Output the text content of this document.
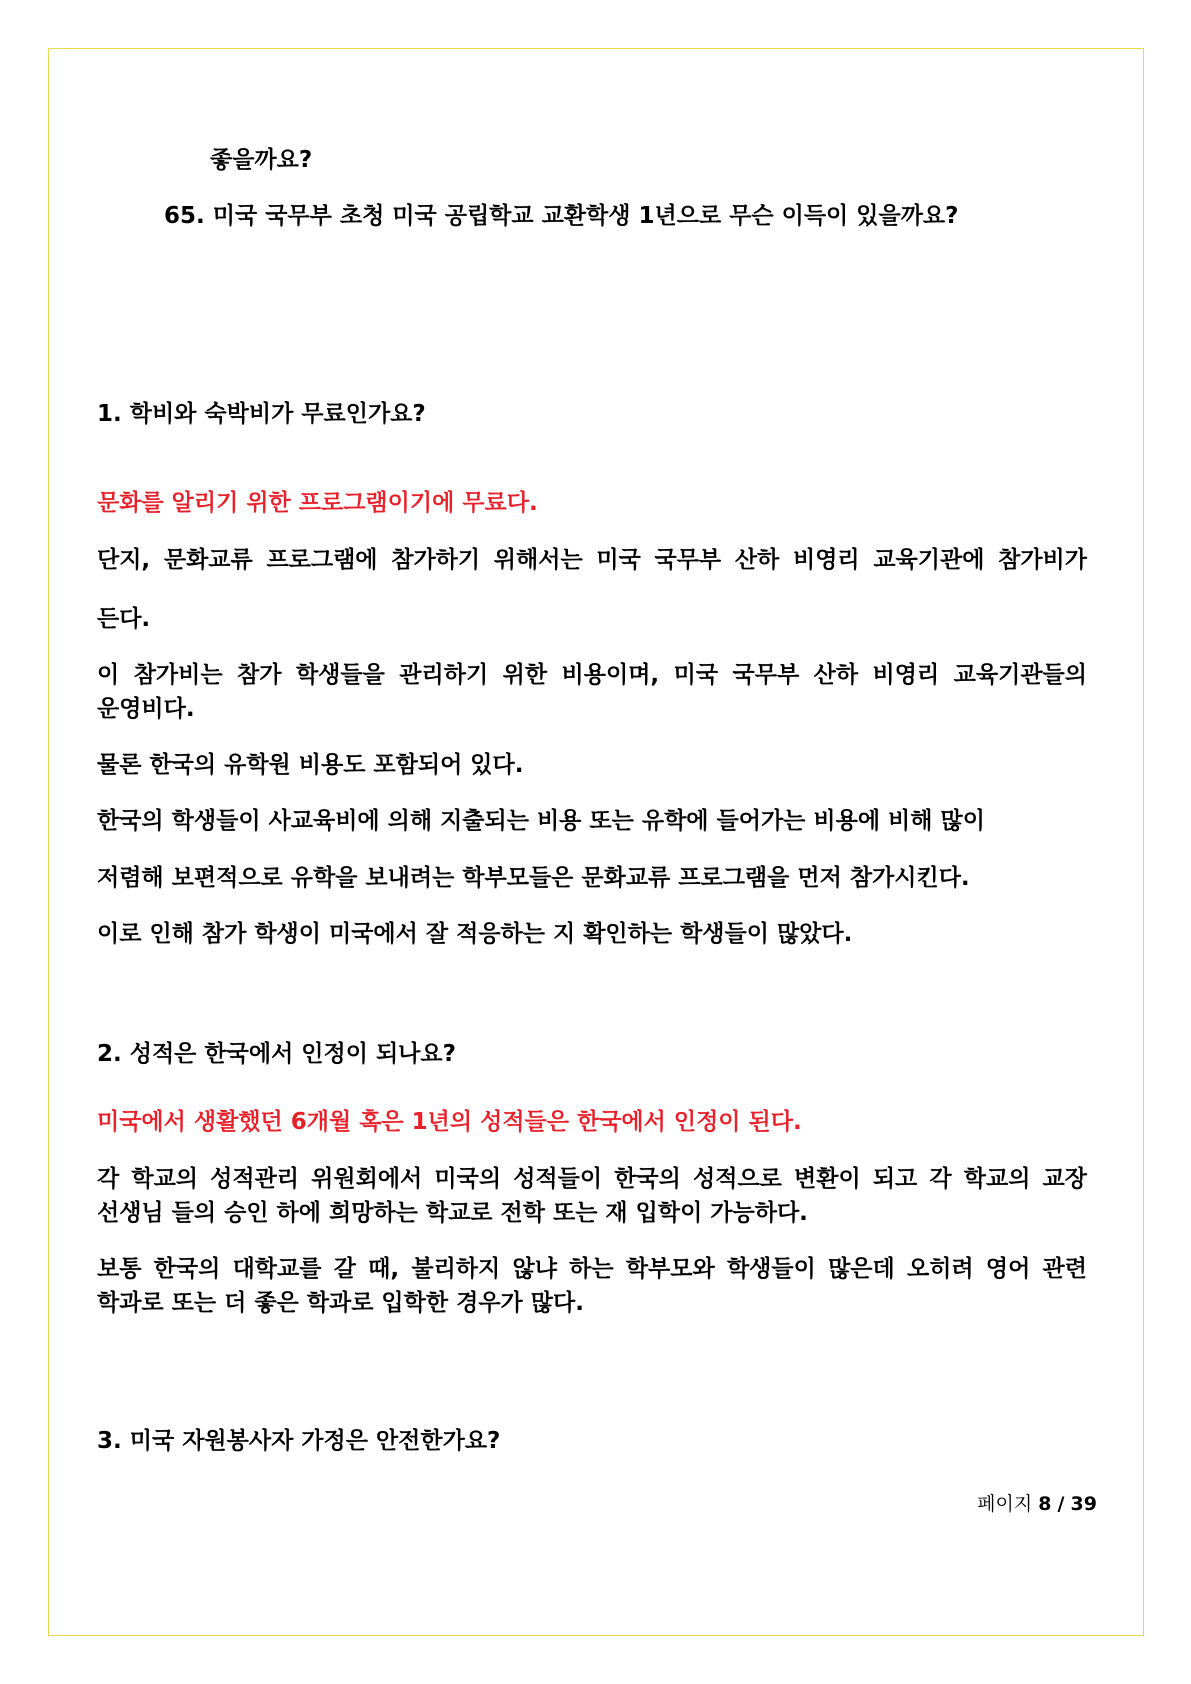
좋을까요?
65. 미국 국무부 초청 미국 공립학교 교환학생 1년으로 무슨 이득이 있을까요?
1. 학비와 숙박비가 무료인가요?
문화를 알리기 위한 프로그램이기에 무료다.
단지, 문화교류 프로그램에 참가하기 위해서는 미국 국무부 산하 비영리 교육기관에 참가비가
든다.
이 참가비는 참가 학생들을 관리하기 위한 비용이며, 미국 국무부 산하 비영리 교육기관들의
운영비다.
물론 한국의 유학원 비용도 포함되어 있다.
한국의 학생들이 사교육비에 의해 지출되는 비용 또는 유학에 들어가는 비용에 비해 많이
저렴해 보편적으로 유학을 보내려는 학부모들은 문화교류 프로그램을 먼저 참가시킨다.
이로 인해 참가 학생이 미국에서 잘 적응하는 지 확인하는 학생들이 많았다.
2. 성적은 한국에서 인정이 되나요?
미국에서 생활했던 6개월 혹은 1년의 성적들은 한국에서 인정이 된다.
각 학교의 성적관리 위원회에서 미국의 성적들이 한국의 성적으로 변환이 되고 각 학교의 교장
선생님 들의 승인 하에 희망하는 학교로 전학 또는 재 입학이 가능하다.
보통 한국의 대학교를 갈 때, 불리하지 않냐 하는 학부모와 학생들이 많은데 오히려 영어 관련
학과로 또는 더 좋은 학과로 입학한 경우가 많다.
3. 미국 자원봉사자 가정은 안전한가요?
페이지 8 / 39
